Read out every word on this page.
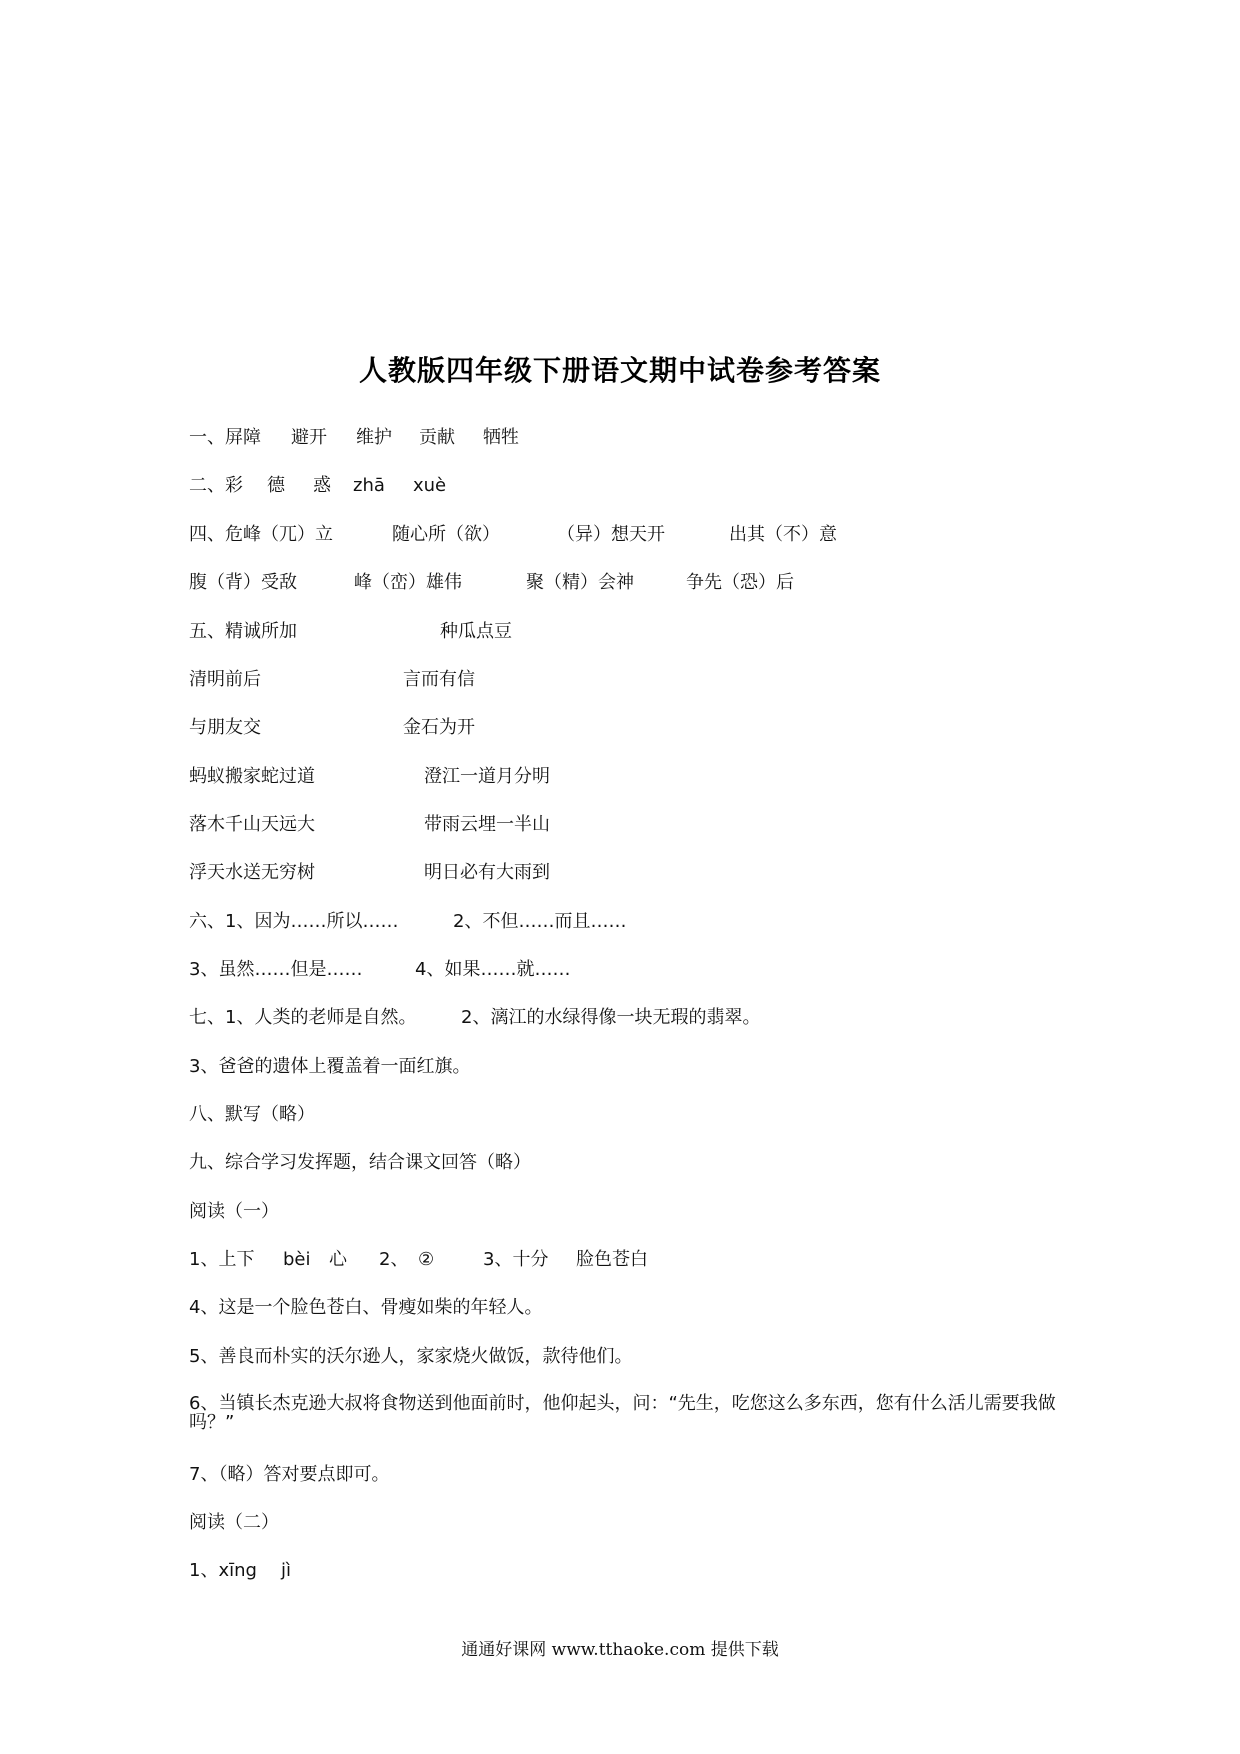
人教版四年级下册语文期中试卷参考答案
一、屏障 避开 维护 贡献 牺牲
二、彩 德 惑 zhā xuè
四、危峰（兀）立	随心所（欲）	（异）想天开	出其（不）意
腹（背）受敌	峰（峦）雄伟	聚（精）会神	争先（恐）后
五、精诚所加	种瓜点豆
清明前后	言而有信
与朋友交	金石为开
蚂蚁搬家蛇过道	澄江一道月分明
落木千山天远大	带雨云埋一半山
浮天水送无穷树	明日必有大雨到
六、1、因为……所以……	2、不但……而且……
3、虽然……但是……	4、如果……就……
七、1、人类的老师是自然。 2、漓江的水绿得像一块无瑕的翡翠。
3、爸爸的遗体上覆盖着一面红旗。
八、默写（略）
九、综合学习发挥题，结合课文回答（略）
阅读（一）
1、上下 bèi 心 2、 ②	3、十分 脸色苍白
4、这是一个脸色苍白、骨瘦如柴的年轻人。
5、善良而朴实的沃尔逊人，家家烧火做饭，款待他们。
6、当镇长杰克逊大叔将食物送到他面前时，他仰起头，问：“先生，吃您这么多东西，您有什么活儿需要我做吗？”
7、（略）答对要点即可。
阅读（二）
1、xīng jì
通通好课网 www.tthaoke.com 提供下载
